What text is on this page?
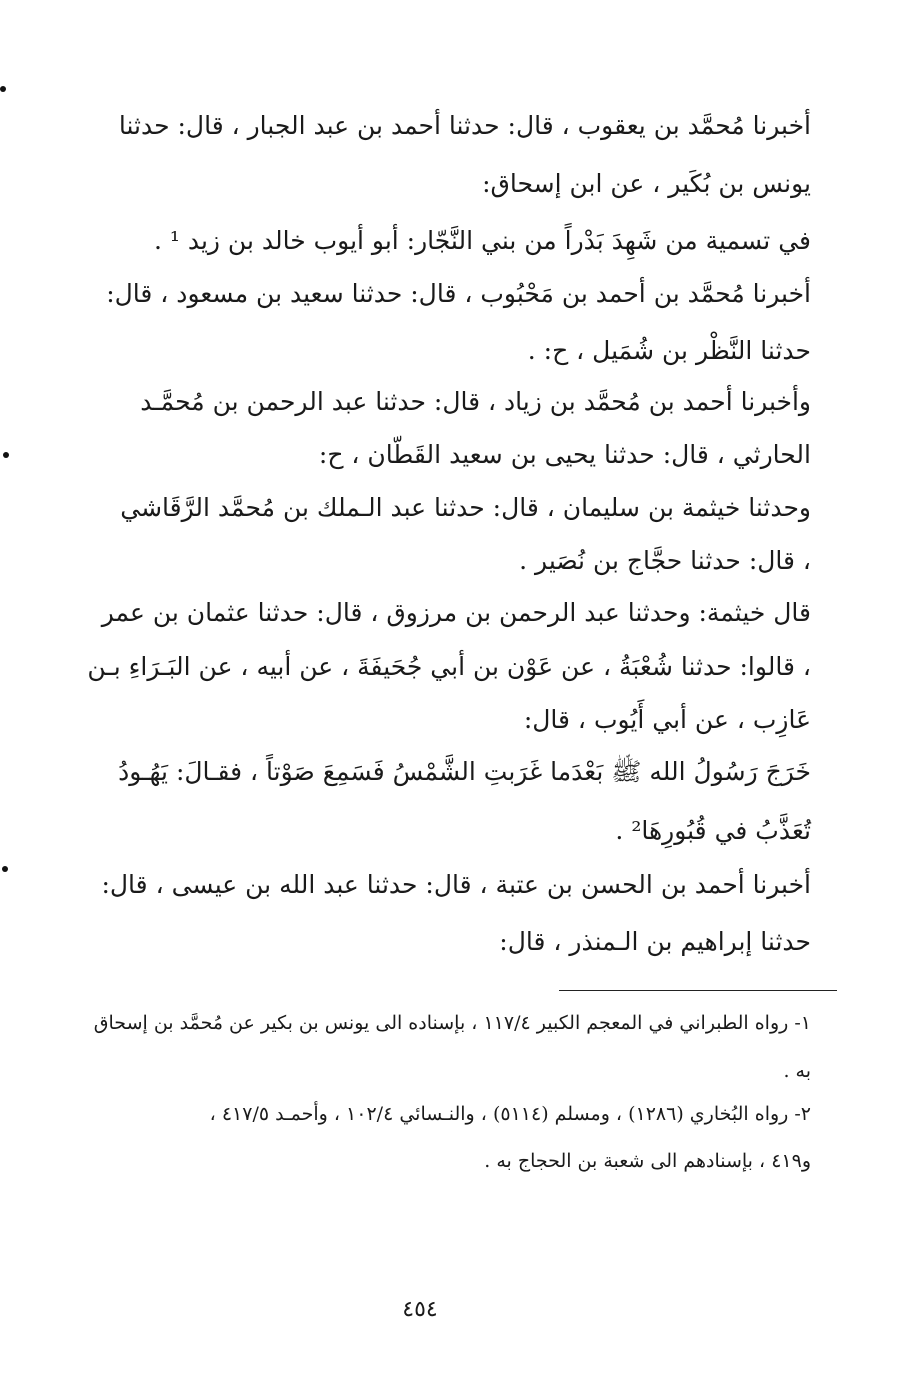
أخبرنا مُحمَّد بن يعقوب ، قال: حدثنا أحمد بن عبد الجبار ، قال: حدثنا
يونس بن بُكَير ، عن ابن إسحاق:
في تسمية من شَهِدَ بَدْراً من بني النَّجّار: أبو أيوب خالد بن زيد ¹ .
أخبرنا مُحمَّد بن أحمد بن مَحْبُوب ، قال: حدثنا سعيد بن مسعود ، قال:
حدثنا النَّظْر بن شُمَيل ، ح: .
وأخبرنا أحمد بن مُحمَّد بن زياد ، قال: حدثنا عبد الرحمن بن مُحمَّـد
الحارثي ، قال: حدثنا يحيى بن سعيد القَطّان ، ح:
وحدثنا خيثمة بن سليمان ، قال: حدثنا عبد الـملك بن مُحمَّد الرَّقَاشي
، قال: حدثنا حجَّاج بن نُصَير .
قال خيثمة: وحدثنا عبد الرحمن بن مرزوق ، قال: حدثنا عثمان بن عمر
، قالوا: حدثنا شُعْبَةُ ، عن عَوْن بن أبي جُحَيفَةَ ، عن أبيه ، عن البَـرَاءِ بـن
عَازِب ، عن أبي أَيُوب ، قال:
خَرَجَ رَسُولُ الله ﷺ بَعْدَما غَرَبتِ الشَّمْسُ فَسَمِعَ صَوْتاً ، فقـالَ: يَهُـودُ
تُعَذَّبُ في قُبُورِهَا² .
أخبرنا أحمد بن الحسن بن عتبة ، قال: حدثنا عبد الله بن عيسى ، قال:
حدثنا إبراهيم بن الـمنذر ، قال:
١- رواه الطبراني في المعجم الكبير ١١٧/٤ ، بإسناده الى يونس بن بكير عن مُحمَّد بن إسحاق
به .
٢- رواه البُخاري (١٢٨٦) ، ومسلم (٥١١٤) ، والنـسائي ١٠٢/٤ ، وأحمـد ٤١٧/٥ ،
و٤١٩ ، بإسنادهم الى شعبة بن الحجاج به .
٤٥٤
